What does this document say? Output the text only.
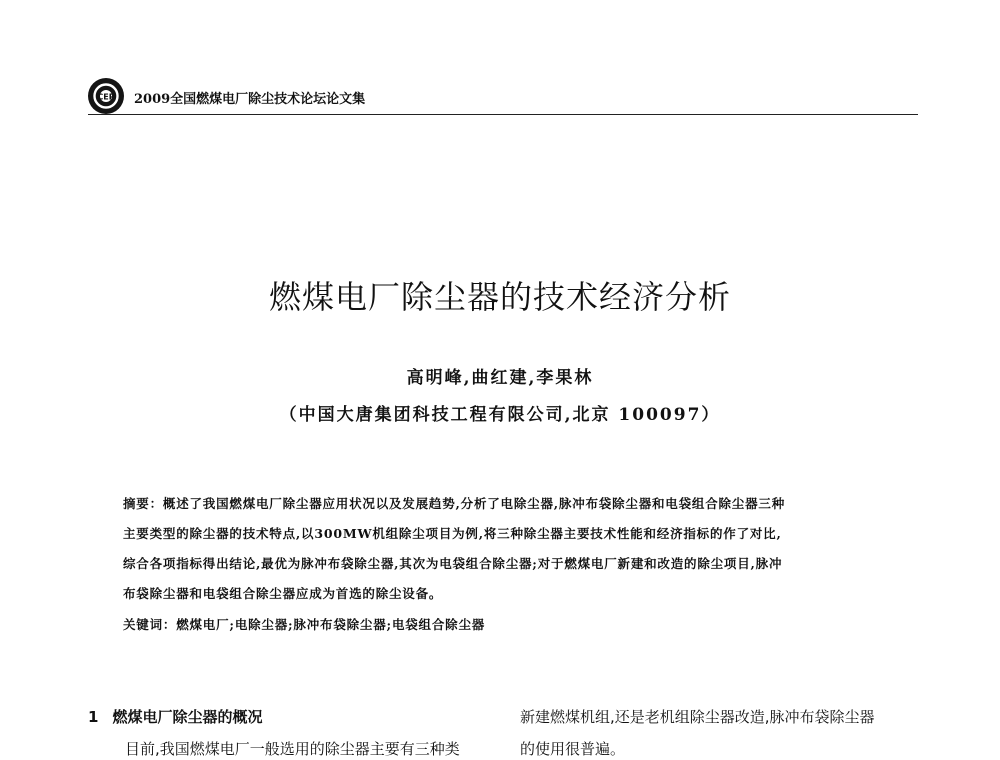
CEP 2009全国燃煤电厂除尘技术论坛论文集
燃煤电厂除尘器的技术经济分析
高明峰,曲红建,李果林
（中国大唐集团科技工程有限公司,北京 100097）
摘要：概述了我国燃煤电厂除尘器应用状况以及发展趋势,分析了电除尘器,脉冲布袋除尘器和电袋组合除尘器三种
主要类型的除尘器的技术特点,以300MW机组除尘项目为例,将三种除尘器主要技术性能和经济指标的作了对比,
综合各项指标得出结论,最优为脉冲布袋除尘器,其次为电袋组合除尘器;对于燃煤电厂新建和改造的除尘项目,脉冲
布袋除尘器和电袋组合除尘器应成为首选的除尘设备。
关键词：燃煤电厂;电除尘器;脉冲布袋除尘器;电袋组合除尘器
1 燃煤电厂除尘器的概况
目前,我国燃煤电厂一般选用的除尘器主要有三种类
新建燃煤机组,还是老机组除尘器改造,脉冲布袋除尘器
的使用很普遍。
